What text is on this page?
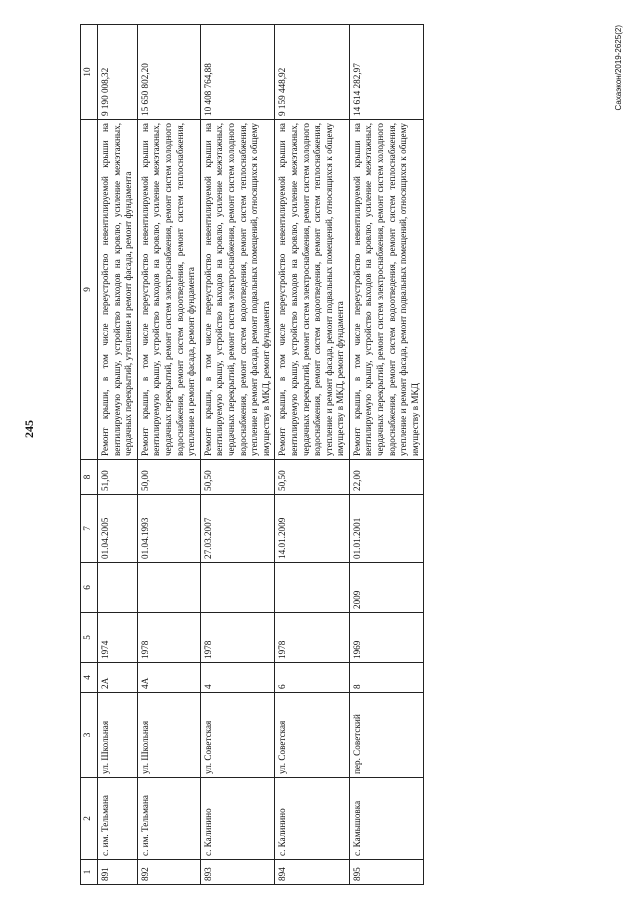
245
1	2	3	4	5	6	7	8	9	10
891	с. им. Тельмана	ул. Школьная	2А	1974		01.04.2005	51,00	Ремонт крыши, в том числе переустройство невентилируемой крыши на вентилируемую крышу, устройство выходов на кровлю, усиление межэтажных, чердачных перекрытий, утепление и ремонт фасада, ремонт фундамента	9 190 008,32
892	с. им. Тельмана	ул. Школьная	4А	1978		01.04.1993	50,00	Ремонт крыши, в том числе переустройство невентилируемой крыши на вентилируемую крышу, устройство выходов на кровлю, усиление межэтажных, чердачных перекрытий, ремонт систем электроснабжения, ремонт систем холодного водоснабжения, ремонт систем водоотведения, ремонт систем теплоснабжения, утепление и ремонт фасада, ремонт фундамента	15 650 802,20
893	с. Калинино	ул. Советская	4	1978		27.03.2007	50,50	Ремонт крыши, в том числе переустройство невентилируемой крыши на вентилируемую крышу, устройство выходов на кровлю, усиление межэтажных, чердачных перекрытий, ремонт систем электроснабжения, ремонт систем холодного водоснабжения, ремонт систем водоотведения, ремонт систем теплоснабжения, утепление и ремонт фасада, ремонт подвальных помещений, относящихся к общему имуществу в МКД, ремонт фундамента	10 408 764,88
894	с. Калинино	ул. Советская	6	1978		14.01.2009	50,50	Ремонт крыши, в том числе переустройство невентилируемой крыши на вентилируемую крышу, устройство выходов на кровлю, усиление межэтажных, чердачных перекрытий, ремонт систем электроснабжения, ремонт систем холодного водоснабжения, ремонт систем водоотведения, ремонт систем теплоснабжения, утепление и ремонт фасада, ремонт подвальных помещений, относящихся к общему имуществу в МКД, ремонт фундамента	9 159 448,92
895	с. Камышовка	пер. Советский	8	1969	2009	01.01.2001	22,00	Ремонт крыши, в том числе переустройство невентилируемой крыши на вентилируемую крышу, устройство выходов на кровлю, усиление межэтажных, чердачных перекрытий, ремонт систем электроснабжения, ремонт систем холодного водоснабжения, ремонт систем водоотведения, ремонт систем теплоснабжения, утепление и ремонт фасада, ремонт подвальных помещений, относящихся к общему имуществу в МКД	14 614 282,97	Сахаэкон/2019-2625(2)
